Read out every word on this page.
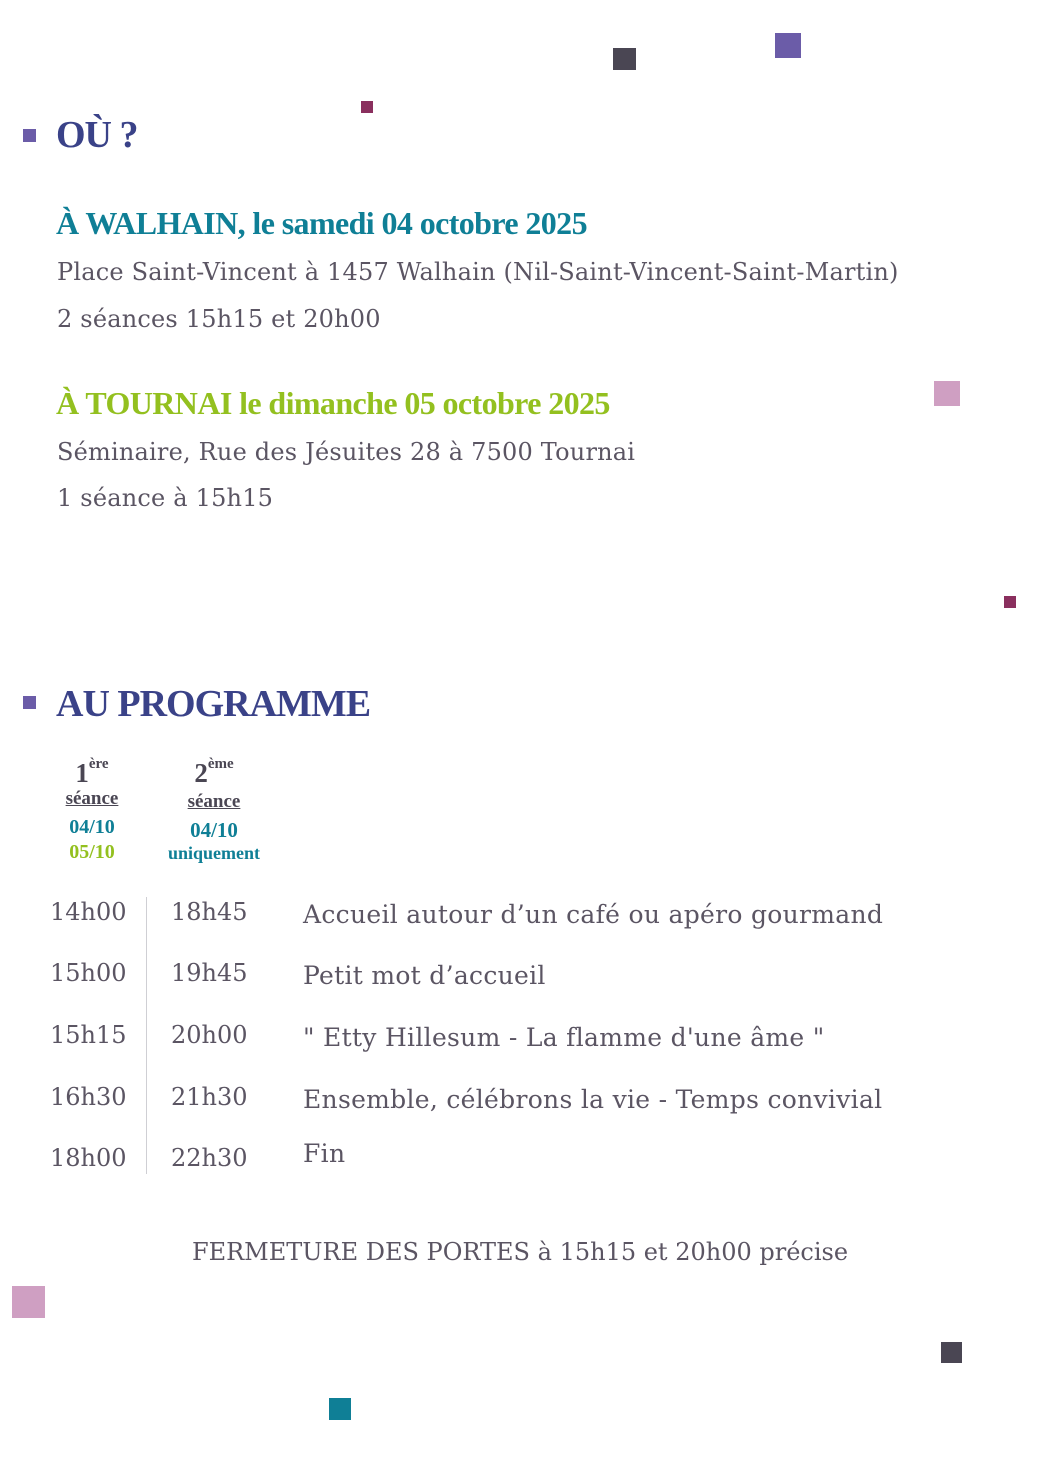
OÙ ?
À WALHAIN, le samedi 04 octobre 2025

Place Saint-Vincent à 1457 Walhain (Nil-Saint-Vincent-Saint-Martin)

2 séances 15h15 et 20h00

À TOURNAI le dimanche 05 octobre 2025

Séminaire, Rue des Jésuites 28 à 7500 Tournai

1 séance à 15h15

AU PROGRAMME
1ère
séance
04/10
05/10
2ème
séance
04/10
uniquement
14h00 18h45 Accueil autour d’un café ou apéro gourmand
15h00 19h45 Petit mot d’accueil
15h15 20h00 " Etty Hillesum - La flamme d'une âme "
16h30 21h30 Ensemble, célébrons la vie - Temps convivial
18h00 22h30 Fin

FERMETURE DES PORTES à 15h15 et 20h00 précise
